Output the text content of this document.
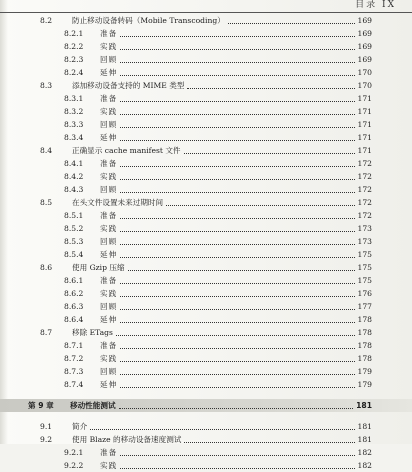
目录 IX
8.2	防止移动设备转码（Mobile Transcoding）	169
8.2.1 准备	169
8.2.2 实践	169
8.2.3 回顾	169
8.2.4 延伸	170
8.3	添加移动设备支持的 MIME 类型	170
8.3.1 准备	171
8.3.2 实践	171
8.3.3 回顾	171
8.3.4 延伸	171
8.4	正确显示 cache manifest 文件	171
8.4.1 准备	172
8.4.2 实践	172
8.4.3 回顾	172
8.5	在头文件设置未来过期时间	172
8.5.1 准备	172
8.5.2 实践	173
8.5.3 回顾	173
8.5.4 延伸	175
8.6	使用 Gzip 压缩	175
8.6.1 准备	175
8.6.2 实践	176
8.6.3 回顾	177
8.6.4 延伸	178
8.7	移除 ETags	178
8.7.1 准备	178
8.7.2 实践	178
8.7.3 回顾	179
8.7.4 延伸	179
第 9 章 移动性能测试	181
9.1	简介	181
9.2	使用 Blaze 的移动设备速度测试	181
9.2.1 准备	182
9.2.2 实践	182
